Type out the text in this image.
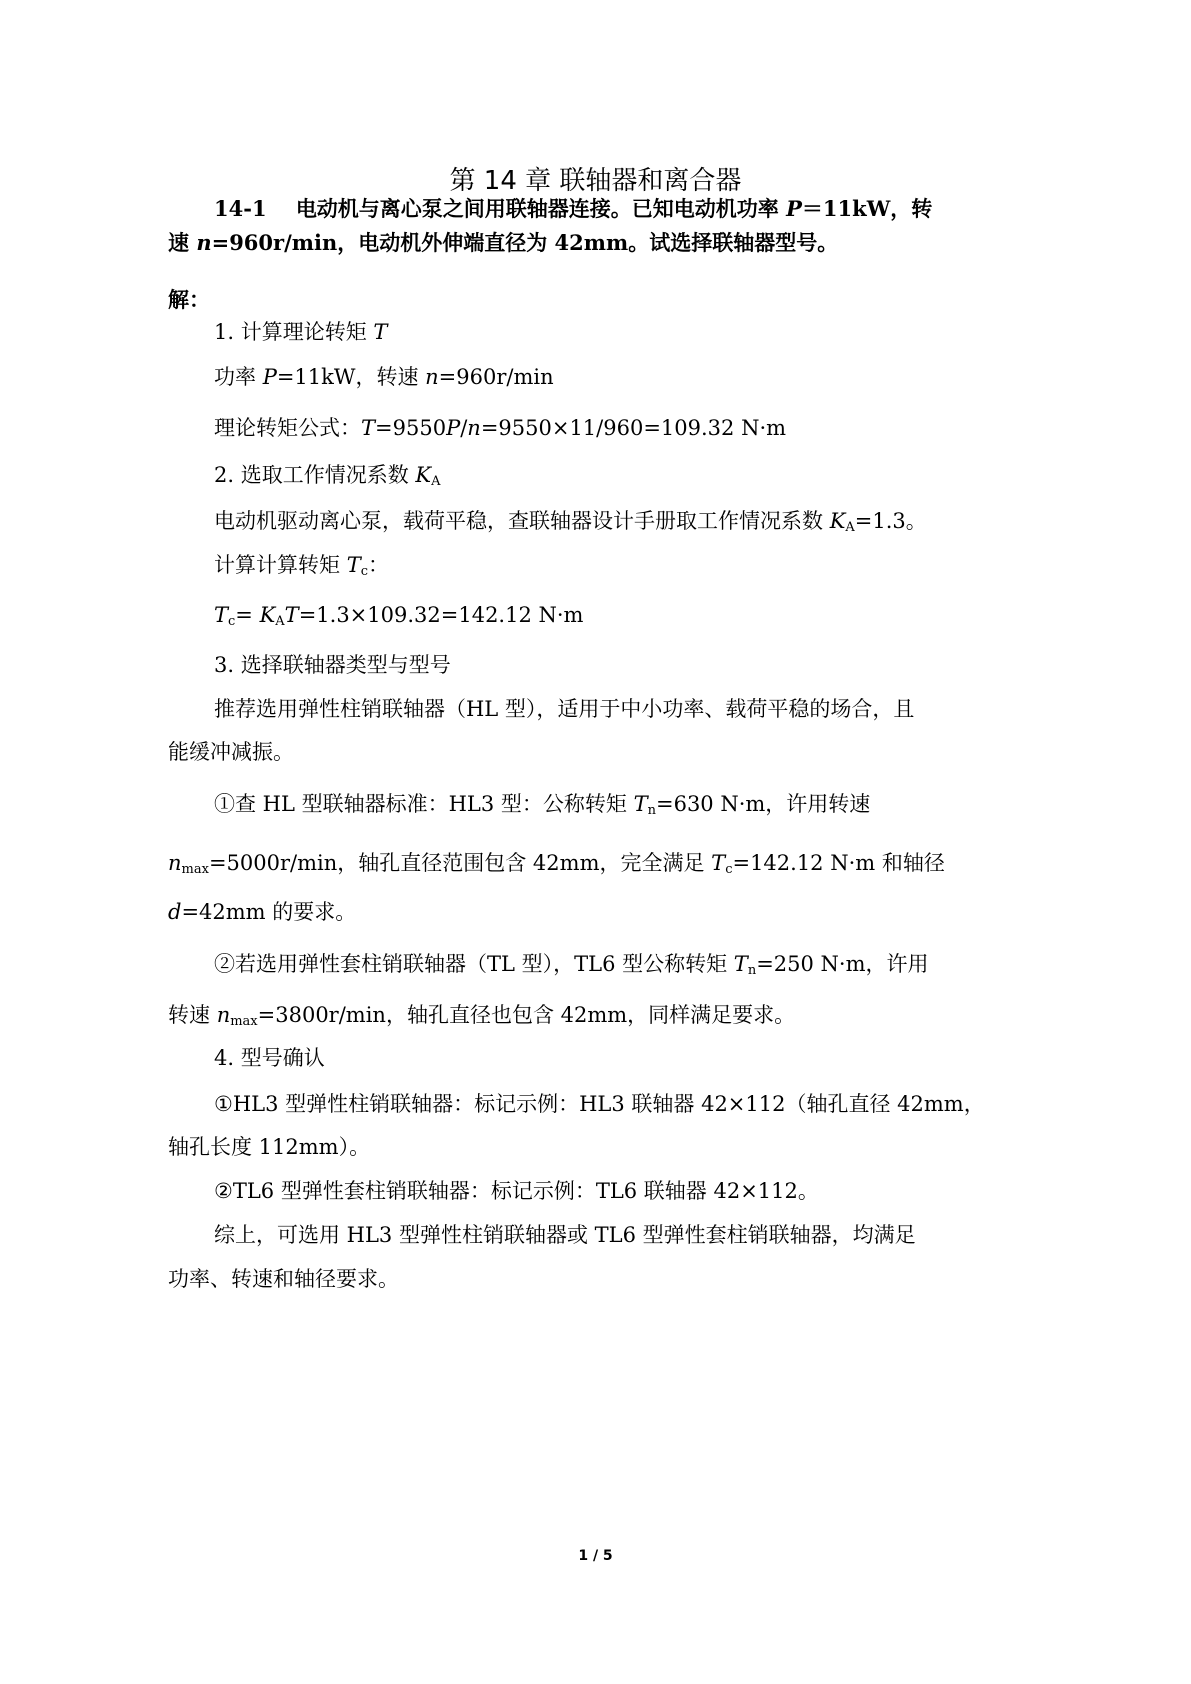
第 14 章 联轴器和离合器
14-1 电动机与离心泵之间用联轴器连接。已知电动机功率 P＝11kW，转
速 n=960r/min，电动机外伸端直径为 42mm。试选择联轴器型号。
解：
1. 计算理论转矩 T
功率 P=11kW，转速 n=960r/min
理论转矩公式：T=9550P/n=9550×11/960=109.32 N·m
2. 选取工作情况系数 $K_A$
电动机驱动离心泵，载荷平稳，查联轴器设计手册取工作情况系数 $K_A=1.3$。
计算计算转矩 $T_c$：
$T_c= K_AT=1.3\times 109.32=142.12$ N·m
3. 选择联轴器类型与型号
推荐选用弹性柱销联轴器（HL 型），适用于中小功率、载荷平稳的场合，且
能缓冲减振。
①查 HL 型联轴器标准：HL3 型：公称转矩 $T_n=630$ N·m，许用转速
$n_{max}=5000r/\min$，轴孔直径范围包含 42mm，完全满足 $T_c=142.12$ N·m 和轴径
d=42mm 的要求。
②若选用弹性套柱销联轴器（TL 型），TL6 型公称转矩 $T_n=250$ N·m，许用
转速 $n_{max}=3800r/\min$，轴孔直径也包含 42mm，同样满足要求。
4. 型号确认
①HL3 型弹性柱销联轴器：标记示例：HL3 联轴器 42×112（轴孔直径 42mm，
轴孔长度 112mm）。
②TL6 型弹性套柱销联轴器：标记示例：TL6 联轴器 42×112。
综上，可选用 HL3 型弹性柱销联轴器或 TL6 型弹性套柱销联轴器，均满足
功率、转速和轴径要求。
1 / 5
